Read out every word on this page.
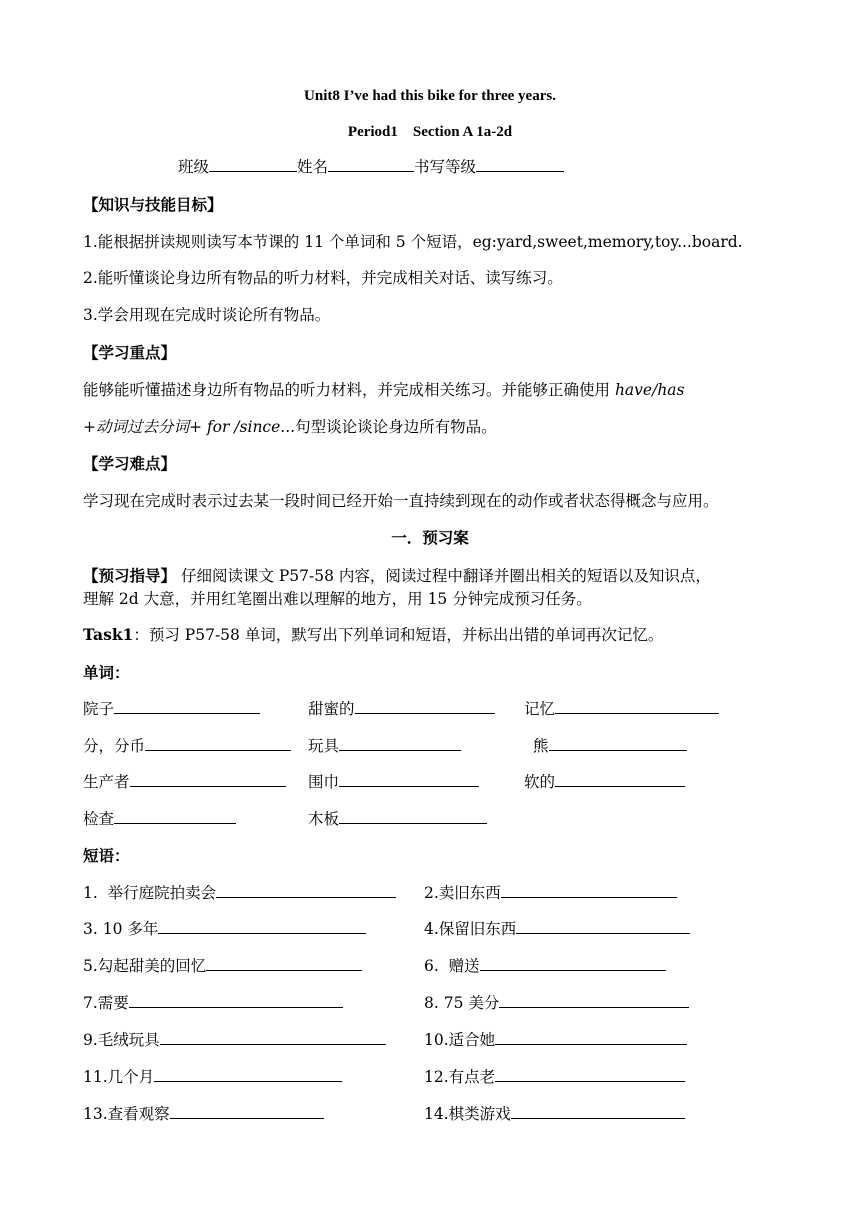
Unit8 I’ve had this bike for three years.
Period1    Section A 1a-2d
班级	姓名	书写等级
【知识与技能目标】
1.能根据拼读规则读写本节课的 11 个单词和 5 个短语，eg:yard,sweet,memory,toy...board.
2.能听懂谈论身边所有物品的听力材料，并完成相关对话、读写练习。
3.学会用现在完成时谈论所有物品。
【学习重点】
能够能听懂描述身边所有物品的听力材料，并完成相关练习。并能够正确使用 have/has
+动词过去分词+ for /since...句型谈论谈论身边所有物品。
【学习难点】
学习现在完成时表示过去某一段时间已经开始一直持续到现在的动作或者状态得概念与应用。
一．预习案
【预习指导】 仔细阅读课文 P57-58 内容，阅读过程中翻译并圈出相关的短语以及知识点，
理解 2d 大意，并用红笔圈出难以理解的地方，用 15 分钟完成预习任务。
Task1：预习 P57-58 单词，默写出下列单词和短语，并标出出错的单词再次记忆。
单词：
院子	甜蜜的	记忆
分，分币	玩具	熊
生产者	围巾	软的
检查	木板
短语：
1.  举行庭院拍卖会	2.卖旧东西
3. 10 多年	4.保留旧东西
5.勾起甜美的回忆	6.  赠送
7.需要	8. 75 美分
9.毛绒玩具	10.适合她
11.几个月	12.有点老
13.查看观察	14.棋类游戏
